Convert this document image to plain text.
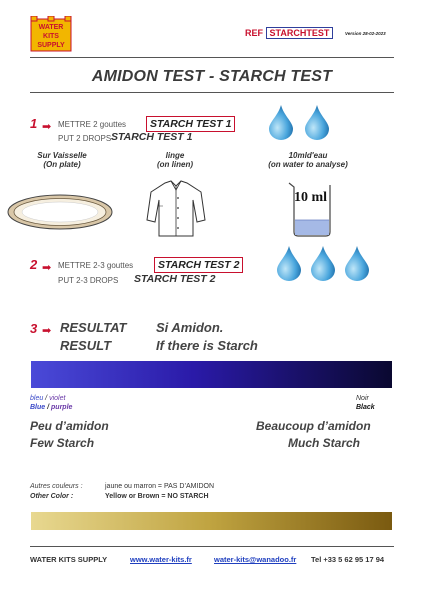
WATER
KITS
SUPPLY
REF STARCHTEST	Version 28-02-2023
AMIDON TEST - STARCH TEST
1 ➡ METTRE 2 gouttes	STARCH TEST 1
PUT 2 DROPS STARCH TEST 1
Sur Vaisselle
(On plate)
linge
(on linen)
10mld'eau
(on water to analyse)
10 ml
2 ➡ METTRE 2-3 gouttes	STARCH TEST 2
PUT 2-3 DROPS STARCH TEST 2
3 ➡ RESULTAT
RESULT
Si Amidon.
If there is Starch
bleu / violet
Blue / purple
Noir
Black
Peu d’amidon
Few Starch
Beaucoup d’amidon
Much Starch
Autres couleurs :	jaune ou marron = PAS D’AMIDON
Other Color :	Yellow or Brown = NO STARCH
WATER KITS SUPPLY	www.water-kits.fr	water-kits@wanadoo.fr Tel +33 5 62 95 17 94
